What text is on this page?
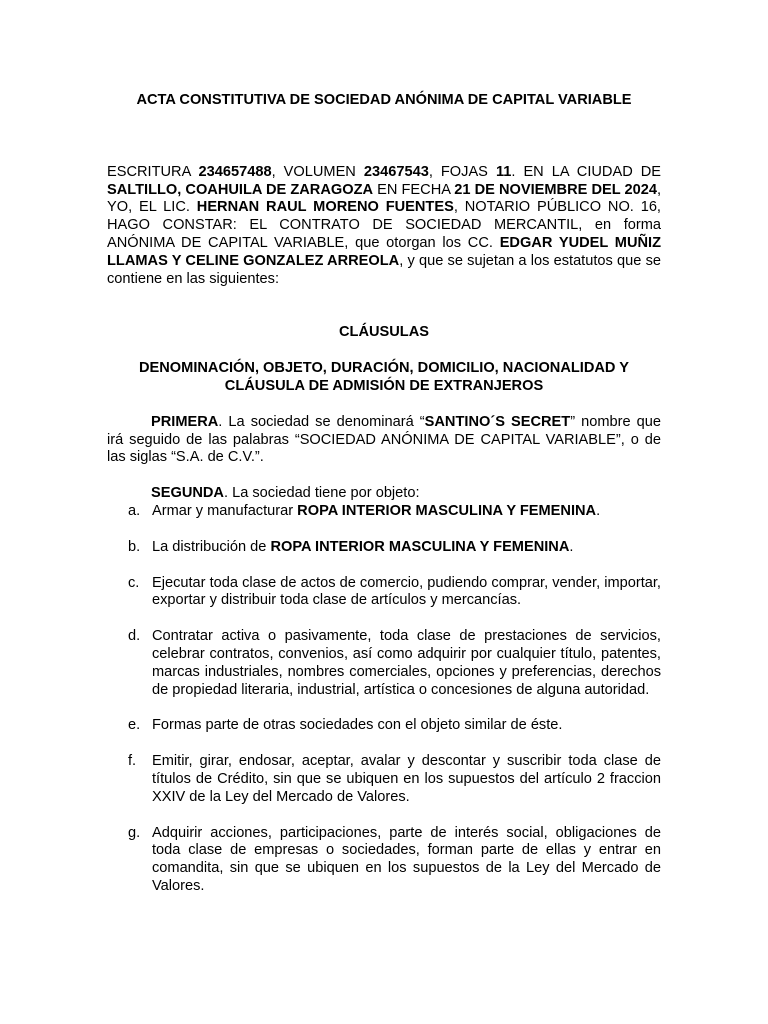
ACTA CONSTITUTIVA DE SOCIEDAD ANÓNIMA DE CAPITAL VARIABLE

ESCRITURA 234657488, VOLUMEN 23467543, FOJAS 11. EN LA CIUDAD DE SALTILLO, COAHUILA DE ZARAGOZA EN FECHA 21 DE NOVIEMBRE DEL 2024, YO, EL LIC. HERNAN RAUL MORENO FUENTES, NOTARIO PÚBLICO NO. 16, HAGO CONSTAR: EL CONTRATO DE SOCIEDAD MERCANTIL, en forma ANÓNIMA DE CAPITAL VARIABLE, que otorgan los CC. EDGAR YUDEL MUÑIZ LLAMAS Y CELINE GONZALEZ ARREOLA, y que se sujetan a los estatutos que se contiene en las siguientes:

CLÁUSULAS

DENOMINACIÓN, OBJETO, DURACIÓN, DOMICILIO, NACIONALIDAD Y CLÁUSULA DE ADMISIÓN DE EXTRANJEROS

PRIMERA. La sociedad se denominará “SANTINO´S SECRET” nombre que irá seguido de las palabras “SOCIEDAD ANÓNIMA DE CAPITAL VARIABLE”, o de las siglas “S.A. de C.V.”.

SEGUNDA. La sociedad tiene por objeto:

a. Armar y manufacturar ROPA INTERIOR MASCULINA Y FEMENINA.
b. La distribución de ROPA INTERIOR MASCULINA Y FEMENINA.
c. Ejecutar toda clase de actos de comercio, pudiendo comprar, vender, importar, exportar y distribuir toda clase de artículos y mercancías.
d. Contratar activa o pasivamente, toda clase de prestaciones de servicios, celebrar contratos, convenios, así como adquirir por cualquier título, patentes, marcas industriales, nombres comerciales, opciones y preferencias, derechos de propiedad literaria, industrial, artística o concesiones de alguna autoridad.
e. Formas parte de otras sociedades con el objeto similar de éste.
f. Emitir, girar, endosar, aceptar, avalar y descontar y suscribir toda clase de títulos de Crédito, sin que se ubiquen en los supuestos del artículo 2 fraccion XXIV de la Ley del Mercado de Valores.
g. Adquirir acciones, participaciones, parte de interés social, obligaciones de toda clase de empresas o sociedades, forman parte de ellas y entrar en comandita, sin que se ubiquen en los supuestos de la Ley del Mercado de Valores.
